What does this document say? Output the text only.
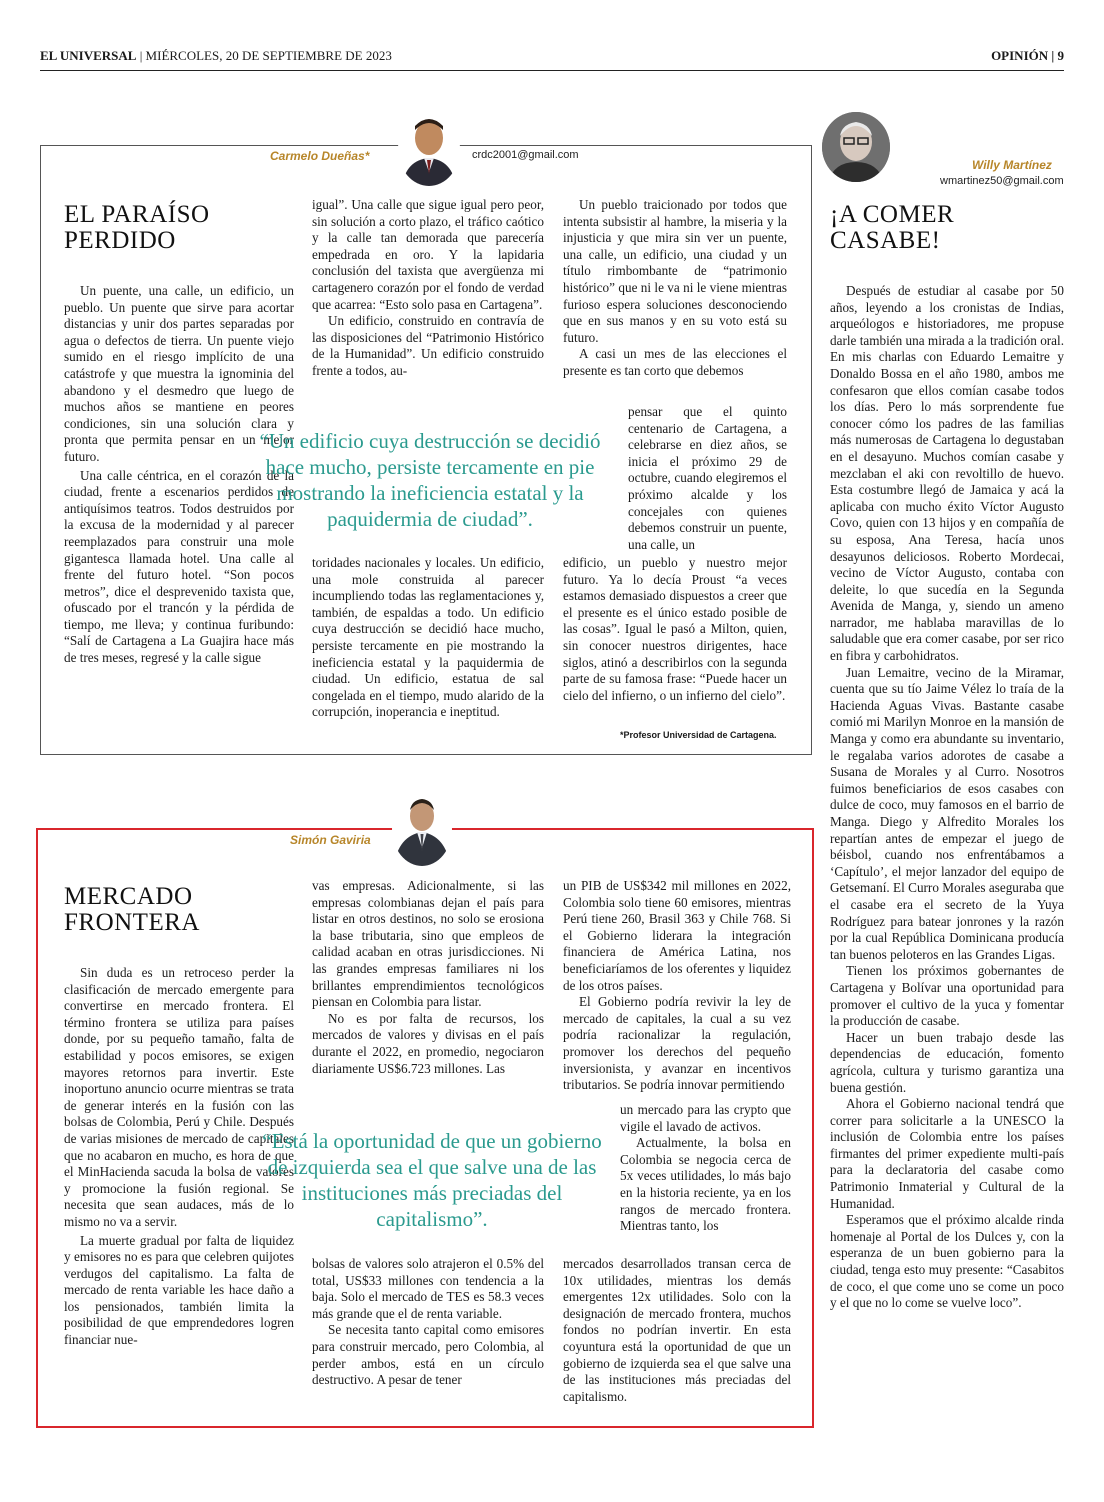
EL UNIVERSAL | MIÉRCOLES, 20 DE SEPTIEMBRE DE 2023	OPINIÓN | 9
Carmelo Dueñas*	crdc2001@gmail.com
EL PARAÍSO PERDIDO

Un puente, una calle, un edificio, un pueblo. Un puente que sirve para acortar distancias y unir dos partes separadas por agua o defectos de tierra. Un puente viejo sumido en el riesgo implícito de una catástrofe y que muestra la ignominia del abandono y el desmedro que luego de muchos años se mantiene en peores condiciones, sin una solución clara y pronta que permita pensar en un mejor futuro.

Una calle céntrica, en el corazón de la ciudad, frente a escenarios perdidos de antiquísimos teatros. Todos destruidos por la excusa de la modernidad y al parecer reemplazados para construir una mole gigantesca llamada hotel. Una calle al frente del futuro hotel. “Son pocos metros”, dice el desprevenido taxista que, ofuscado por el trancón y la pérdida de tiempo, me lleva; y continua furibundo: “Salí de Cartagena a La Guajira hace más de tres meses, regresé y la calle sigue

igual”. Una calle que sigue igual pero peor, sin solución a corto plazo, el tráfico caótico y la calle tan demorada que parecería empedrada en oro. Y la lapidaria conclusión del taxista que avergüenza mi cartagenero corazón por el fondo de verdad que acarrea: “Esto solo pasa en Cartagena”.

Un edificio, construido en contravía de las disposiciones del “Patrimonio Histórico de la Humanidad”. Un edificio construido frente a todos, au-

toridades nacionales y locales. Un edificio, una mole construida al parecer incumpliendo todas las reglamentaciones y, también, de espaldas a todo. Un edificio cuya destrucción se decidió hace mucho, persiste tercamente en pie mostrando la ineficiencia estatal y la paquidermia de ciudad. Un edificio, estatua de sal congelada en el tiempo, mudo alarido de la corrupción, inoperancia e ineptitud.

Un pueblo traicionado por todos que intenta subsistir al hambre, la miseria y la injusticia y que mira sin ver un puente, una calle, un edificio, una ciudad y un título rimbombante de “patrimonio histórico” que ni le va ni le viene mientras furioso espera soluciones desconociendo que en sus manos y en su voto está su futuro.

A casi un mes de las elecciones el presente es tan corto que debemos

pensar que el quinto centenario de Cartagena, a celebrarse en diez años, se inicia el próximo 29 de octubre, cuando elegiremos el próximo alcalde y los concejales con quienes debemos construir un puente, una calle, un

edificio, un pueblo y nuestro mejor futuro. Ya lo decía Proust “a veces estamos demasiado dispuestos a creer que el presente es el único estado posible de las cosas”. Igual le pasó a Milton, quien, sin conocer nuestros dirigentes, hace siglos, atinó a describirlos con la segunda parte de su famosa frase: “Puede hacer un cielo del infierno, o un infierno del cielo”.

“Un edificio cuya destrucción se decidió hace mucho, persiste tercamente en pie mostrando la ineficiencia estatal y la paquidermia de ciudad”.
*Profesor Universidad de Cartagena.
Willy Martínez
wmartinez50@gmail.com
¡A COMER CASABE!

Después de estudiar al casabe por 50 años, leyendo a los cronistas de Indias, arqueólogos e historiadores, me propuse darle también una mirada a la tradición oral. En mis charlas con Eduardo Lemaitre y Donaldo Bossa en el año 1980, ambos me confesaron que ellos comían casabe todos los días. Pero lo más sorprendente fue conocer cómo los padres de las familias más numerosas de Cartagena lo degustaban en el desayuno. Muchos comían casabe y mezclaban el aki con revoltillo de huevo. Esta costumbre llegó de Jamaica y acá la aplicaba con mucho éxito Víctor Augusto Covo, quien con 13 hijos y en compañía de su esposa, Ana Teresa, hacía unos desayunos deliciosos. Roberto Mordecai, vecino de Víctor Augusto, contaba con deleite, lo que sucedía en la Segunda Avenida de Manga, y, siendo un ameno narrador, me hablaba maravillas de lo saludable que era comer casabe, por ser rico en fibra y carbohidratos.

Juan Lemaitre, vecino de la Miramar, cuenta que su tío Jaime Vélez lo traía de la Hacienda Aguas Vivas. Bastante casabe comió mi Marilyn Monroe en la mansión de Manga y como era abundante su inventario, le regalaba varios adorotes de casabe a Susana de Morales y al Curro. Nosotros fuimos beneficiarios de esos casabes con dulce de coco, muy famosos en el barrio de Manga. Diego y Alfredito Morales los repartían antes de empezar el juego de béisbol, cuando nos enfrentábamos a ‘Capítulo’, el mejor lanzador del equipo de Getsemaní. El Curro Morales aseguraba que el casabe era el secreto de la Yuya Rodríguez para batear jonrones y la razón por la cual República Dominicana producía tan buenos peloteros en las Grandes Ligas.

Tienen los próximos gobernantes de Cartagena y Bolívar una oportunidad para promover el cultivo de la yuca y fomentar la producción de casabe.

Hacer un buen trabajo desde las dependencias de educación, fomento agrícola, cultura y turismo garantiza una buena gestión.

Ahora el Gobierno nacional tendrá que correr para solicitarle a la UNESCO la inclusión de Colombia entre los países firmantes del primer expediente multi-país para la declaratoria del casabe como Patrimonio Inmaterial y Cultural de la Humanidad.

Esperamos que el próximo alcalde rinda homenaje al Portal de los Dulces y, con la esperanza de un buen gobierno para la ciudad, tenga esto muy presente: “Casabitos de coco, el que come uno se come un poco y el que no lo come se vuelve loco”.

Simón Gaviria
MERCADO FRONTERA

Sin duda es un retroceso perder la clasificación de mercado emergente para convertirse en mercado frontera. El término frontera se utiliza para países donde, por su pequeño tamaño, falta de estabilidad y pocos emisores, se exigen mayores retornos para invertir. Este inoportuno anuncio ocurre mientras se trata de generar interés en la fusión con las bolsas de Colombia, Perú y Chile. Después de varias misiones de mercado de capitales que no acabaron en mucho, es hora de que el MinHacienda sacuda la bolsa de valores y promocione la fusión regional. Se necesita que sean audaces, más de lo mismo no va a servir.

La muerte gradual por falta de liquidez y emisores no es para que celebren quijotes verdugos del capitalismo. La falta de mercado de renta variable les hace daño a los pensionados, también limita la posibilidad de que emprendedores logren financiar nue-

vas empresas. Adicionalmente, si las empresas colombianas dejan el país para listar en otros destinos, no solo se erosiona la base tributaria, sino que empleos de calidad acaban en otras jurisdicciones. Ni las grandes empresas familiares ni los brillantes emprendimientos tecnológicos piensan en Colombia para listar.

No es por falta de recursos, los mercados de valores y divisas en el país durante el 2022, en promedio, negociaron diariamente US$6.723 millones. Las

bolsas de valores solo atrajeron el 0.5% del total, US$33 millones con tendencia a la baja. Solo el mercado de TES es 58.3 veces más grande que el de renta variable.

Se necesita tanto capital como emisores para construir mercado, pero Colombia, al perder ambos, está en un círculo destructivo. A pesar de tener

un PIB de US$342 mil millones en 2022, Colombia solo tiene 60 emisores, mientras Perú tiene 260, Brasil 363 y Chile 768. Si el Gobierno liderara la integración financiera de América Latina, nos beneficiaríamos de los oferentes y liquidez de los otros países.

El Gobierno podría revivir la ley de mercado de capitales, la cual a su vez podría racionalizar la regulación, promover los derechos del pequeño inversionista, y avanzar en incentivos tributarios. Se podría innovar permitiendo

un mercado para las crypto que vigile el lavado de activos.

Actualmente, la bolsa en Colombia se negocia cerca de 5x veces utilidades, lo más bajo en la historia reciente, ya en los rangos de mercado frontera. Mientras tanto, los

mercados desarrollados transan cerca de 10x utilidades, mientras los demás emergentes 12x utilidades. Solo con la designación de mercado frontera, muchos fondos no podrían invertir. En esta coyuntura está la oportunidad de que un gobierno de izquierda sea el que salve una de las instituciones más preciadas del capitalismo.

“Está la oportunidad de que un gobierno de izquierda sea el que salve una de las instituciones más preciadas del capitalismo”.
